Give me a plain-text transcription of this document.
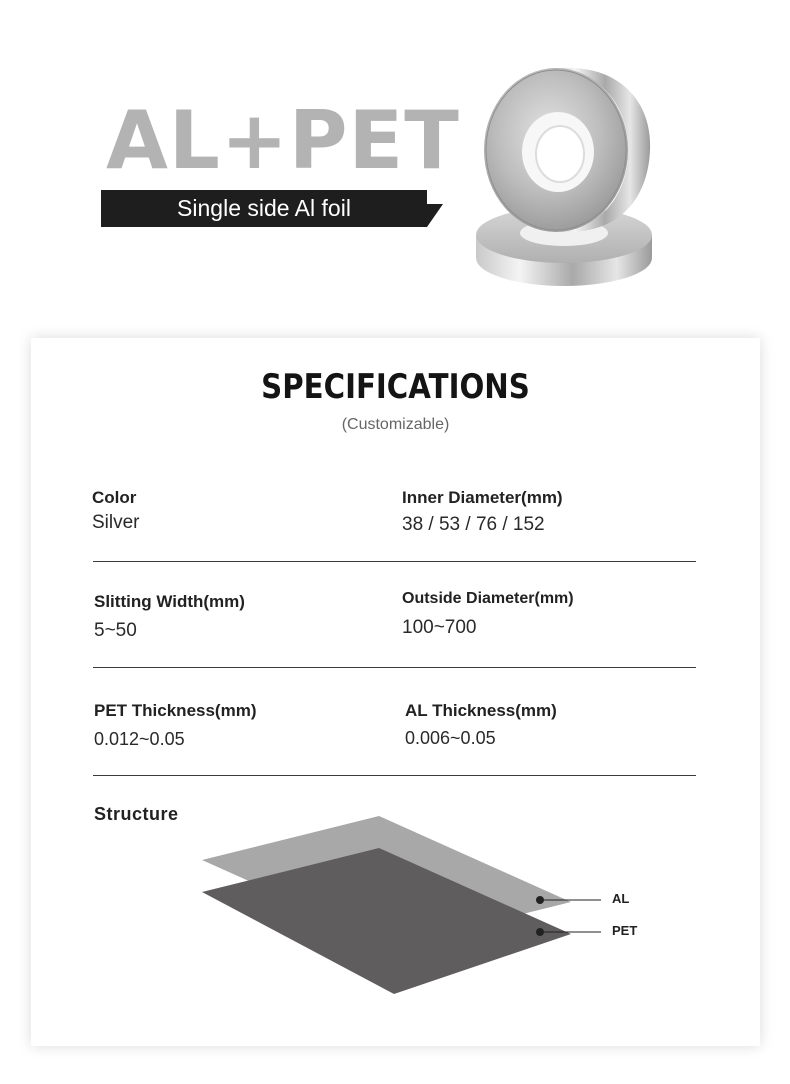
AL+PET
Single side Al foil
SPECIFICATIONS
(Customizable)
Color
Silver
Inner Diameter(mm)
38 / 53 / 76 / 152
Slitting Width(mm)
5~50
Outside Diameter(mm)
100~700
PET Thickness(mm)
0.012~0.05
AL Thickness(mm)
0.006~0.05
Structure
AL
PET
